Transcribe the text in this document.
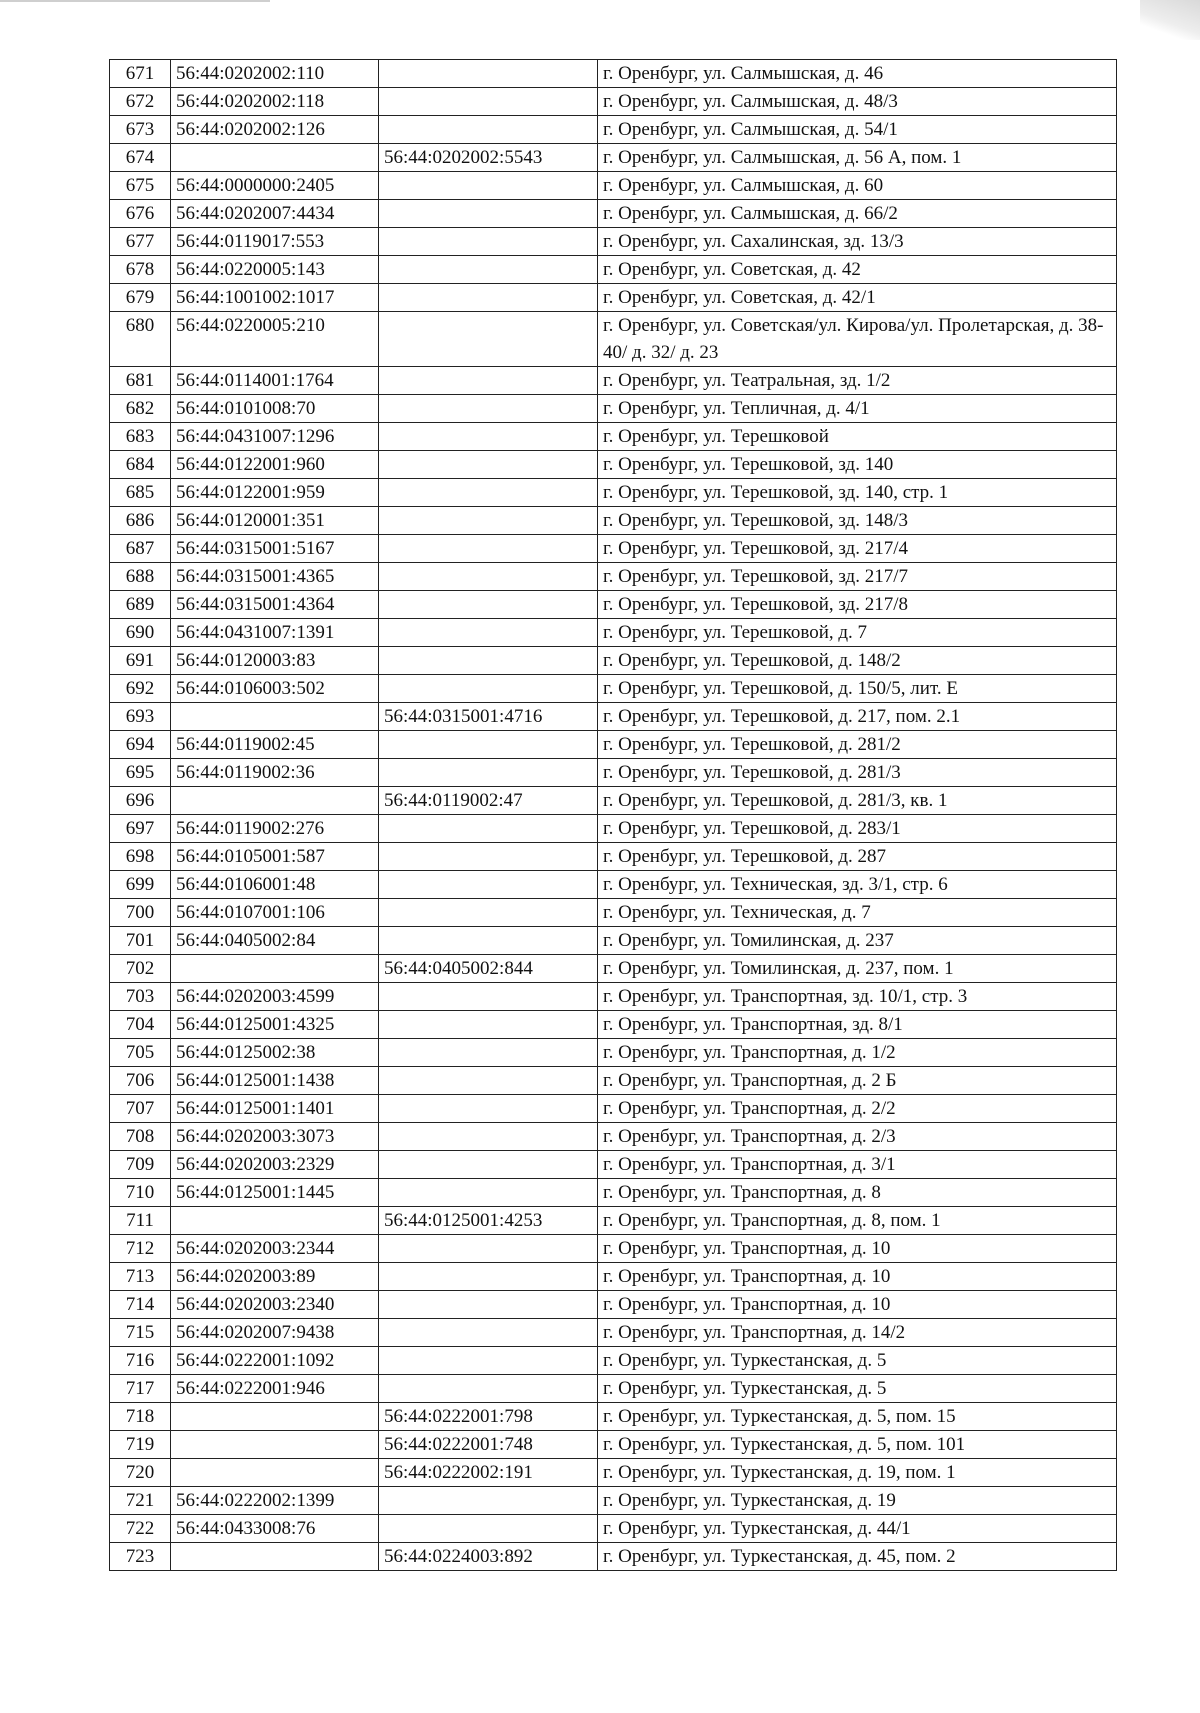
671	56:44:0202002:110		г. Оренбург, ул. Салмышская, д. 46
672	56:44:0202002:118		г. Оренбург, ул. Салмышская, д. 48/3
673	56:44:0202002:126		г. Оренбург, ул. Салмышская, д. 54/1
674		56:44:0202002:5543	г. Оренбург, ул. Салмышская, д. 56 А, пом. 1
675	56:44:0000000:2405		г. Оренбург, ул. Салмышская, д. 60
676	56:44:0202007:4434		г. Оренбург, ул. Салмышская, д. 66/2
677	56:44:0119017:553		г. Оренбург, ул. Сахалинская, зд. 13/3
678	56:44:0220005:143		г. Оренбург, ул. Советская, д. 42
679	56:44:1001002:1017		г. Оренбург, ул. Советская, д. 42/1
680	56:44:0220005:210		г. Оренбург, ул. Советская/ул. Кирова/ул. Пролетарская, д. 38-40/ д. 32/ д. 23
681	56:44:0114001:1764		г. Оренбург, ул. Театральная, зд. 1/2
682	56:44:0101008:70		г. Оренбург, ул. Тепличная, д. 4/1
683	56:44:0431007:1296		г. Оренбург, ул. Терешковой
684	56:44:0122001:960		г. Оренбург, ул. Терешковой, зд. 140
685	56:44:0122001:959		г. Оренбург, ул. Терешковой, зд. 140, стр. 1
686	56:44:0120001:351		г. Оренбург, ул. Терешковой, зд. 148/3
687	56:44:0315001:5167		г. Оренбург, ул. Терешковой, зд. 217/4
688	56:44:0315001:4365		г. Оренбург, ул. Терешковой, зд. 217/7
689	56:44:0315001:4364		г. Оренбург, ул. Терешковой, зд. 217/8
690	56:44:0431007:1391		г. Оренбург, ул. Терешковой, д. 7
691	56:44:0120003:83		г. Оренбург, ул. Терешковой, д. 148/2
692	56:44:0106003:502		г. Оренбург, ул. Терешковой, д. 150/5, лит. Е
693		56:44:0315001:4716	г. Оренбург, ул. Терешковой, д. 217, пом. 2.1
694	56:44:0119002:45		г. Оренбург, ул. Терешковой, д. 281/2
695	56:44:0119002:36		г. Оренбург, ул. Терешковой, д. 281/3
696		56:44:0119002:47	г. Оренбург, ул. Терешковой, д. 281/3, кв. 1
697	56:44:0119002:276		г. Оренбург, ул. Терешковой, д. 283/1
698	56:44:0105001:587		г. Оренбург, ул. Терешковой, д. 287
699	56:44:0106001:48		г. Оренбург, ул. Техническая, зд. 3/1, стр. 6
700	56:44:0107001:106		г. Оренбург, ул. Техническая, д. 7
701	56:44:0405002:84		г. Оренбург, ул. Томилинская, д. 237
702		56:44:0405002:844	г. Оренбург, ул. Томилинская, д. 237, пом. 1
703	56:44:0202003:4599		г. Оренбург, ул. Транспортная, зд. 10/1, стр. 3
704	56:44:0125001:4325		г. Оренбург, ул. Транспортная, зд. 8/1
705	56:44:0125002:38		г. Оренбург, ул. Транспортная, д. 1/2
706	56:44:0125001:1438		г. Оренбург, ул. Транспортная, д. 2 Б
707	56:44:0125001:1401		г. Оренбург, ул. Транспортная, д. 2/2
708	56:44:0202003:3073		г. Оренбург, ул. Транспортная, д. 2/3
709	56:44:0202003:2329		г. Оренбург, ул. Транспортная, д. 3/1
710	56:44:0125001:1445		г. Оренбург, ул. Транспортная, д. 8
711		56:44:0125001:4253	г. Оренбург, ул. Транспортная, д. 8, пом. 1
712	56:44:0202003:2344		г. Оренбург, ул. Транспортная, д. 10
713	56:44:0202003:89		г. Оренбург, ул. Транспортная, д. 10
714	56:44:0202003:2340		г. Оренбург, ул. Транспортная, д. 10
715	56:44:0202007:9438		г. Оренбург, ул. Транспортная, д. 14/2
716	56:44:0222001:1092		г. Оренбург, ул. Туркестанская, д. 5
717	56:44:0222001:946		г. Оренбург, ул. Туркестанская, д. 5
718		56:44:0222001:798	г. Оренбург, ул. Туркестанская, д. 5, пом. 15
719		56:44:0222001:748	г. Оренбург, ул. Туркестанская, д. 5, пом. 101
720		56:44:0222002:191	г. Оренбург, ул. Туркестанская, д. 19, пом. 1
721	56:44:0222002:1399		г. Оренбург, ул. Туркестанская, д. 19
722	56:44:0433008:76		г. Оренбург, ул. Туркестанская, д. 44/1
723		56:44:0224003:892	г. Оренбург, ул. Туркестанская, д. 45, пом. 2
